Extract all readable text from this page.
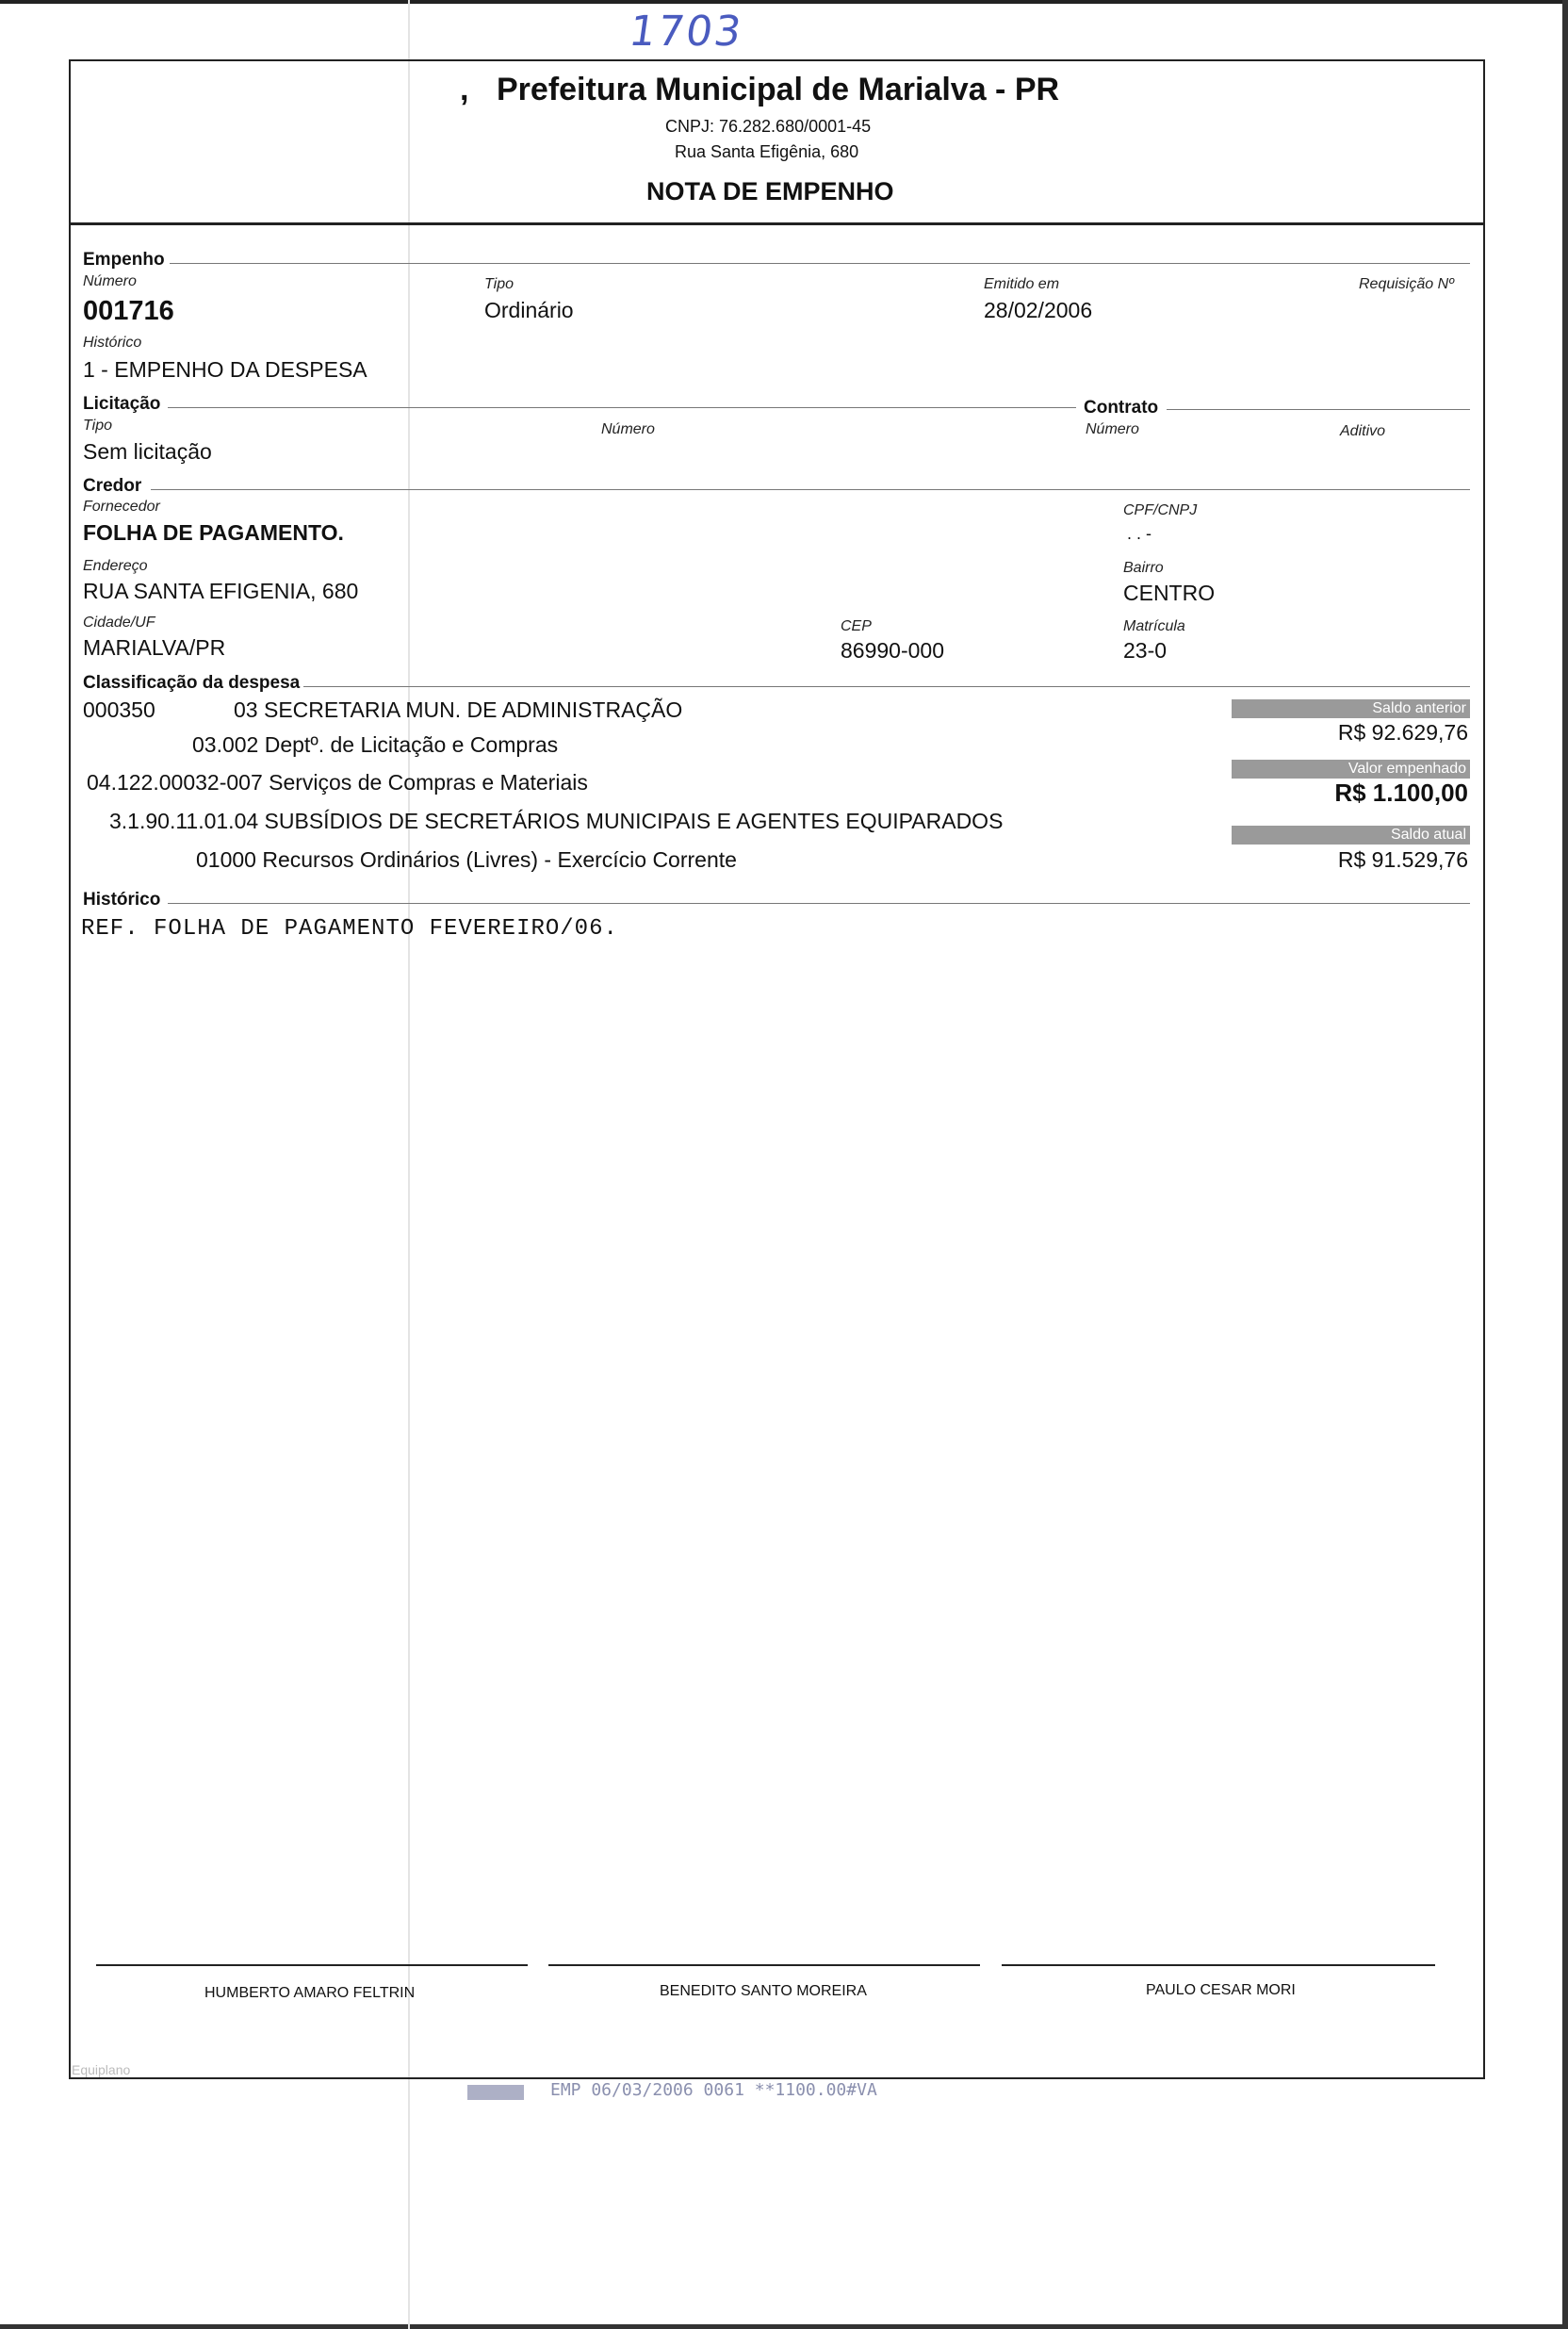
1703
, Prefeitura Municipal de Marialva - PR
CNPJ: 76.282.680/0001-45
Rua Santa Efigênia, 680
NOTA DE EMPENHO
Empenho
Número
001716
Tipo
Ordinário
Emitido em
28/02/2006
Requisição Nº
Histórico
1 - EMPENHO DA DESPESA
Licitação	Contrato
Tipo
Sem licitação
Número	Número	Aditivo
Credor
Fornecedor
FOLHA DE PAGAMENTO.
CPF/CNPJ
. . -
Endereço
RUA SANTA EFIGENIA, 680
Bairro
CENTRO
Cidade/UF
MARIALVA/PR
CEP
86990-000
Matrícula
23-0
Classificação da despesa
000350	03 SECRETARIA MUN. DE ADMINISTRAÇÃO
03.002 Deptº. de Licitação e Compras
04.122.00032-007 Serviços de Compras e Materiais
3.1.90.11.01.04 SUBSÍDIOS DE SECRETÁRIOS MUNICIPAIS E AGENTES EQUIPARADOS
01000 Recursos Ordinários (Livres) - Exercício Corrente
Saldo anterior
R$ 92.629,76
Valor empenhado
R$ 1.100,00
Saldo atual
R$ 91.529,76
Histórico
REF. FOLHA DE PAGAMENTO FEVEREIRO/06.
HUMBERTO AMARO FELTRIN	BENEDITO SANTO MOREIRA	PAULO CESAR MORI
Equiplano
EMP 06/03/2006 0061 **1100.00#VA
